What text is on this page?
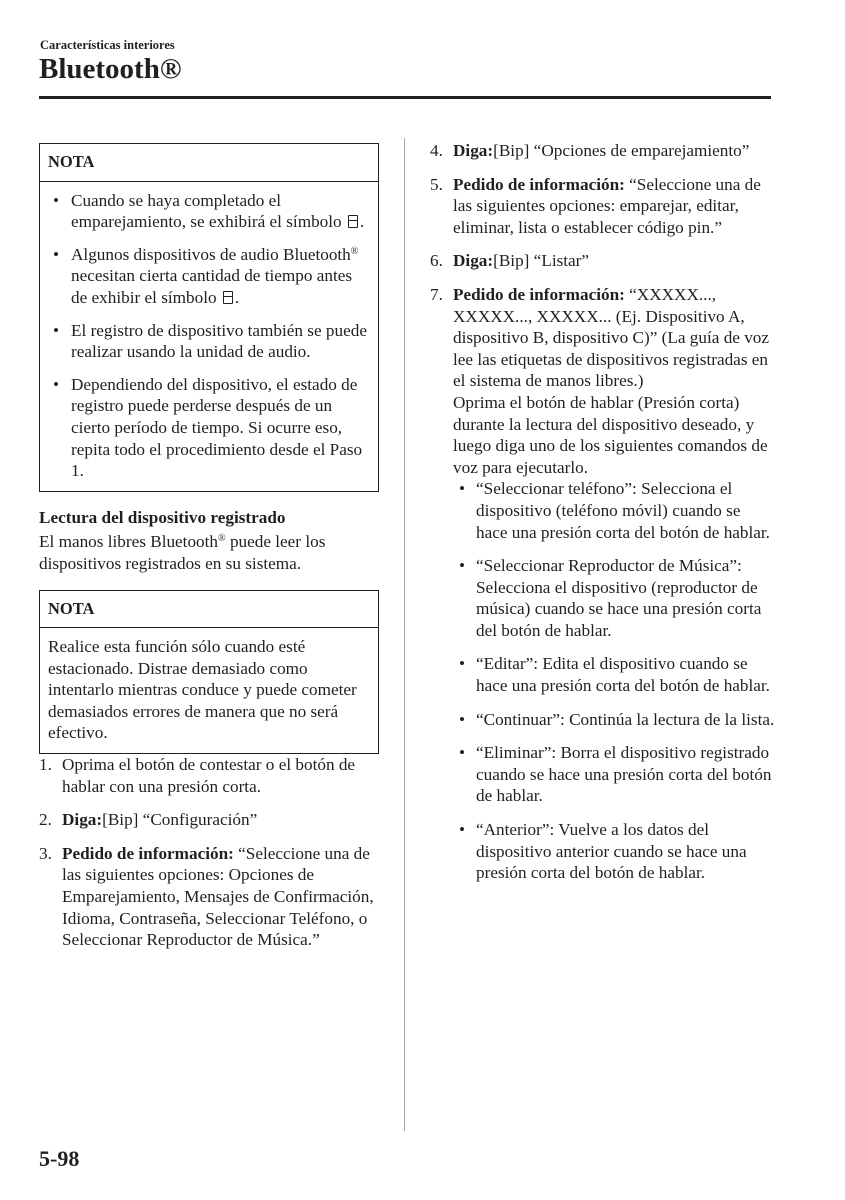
Características interiores
Bluetooth®
NOTA
• Cuando se haya completado el emparejamiento, se exhibirá el símbolo .
• Algunos dispositivos de audio Bluetooth® necesitan cierta cantidad de tiempo antes de exhibir el símbolo .
• El registro de dispositivo también se puede realizar usando la unidad de audio.
• Dependiendo del dispositivo, el estado de registro puede perderse después de un cierto período de tiempo. Si ocurre eso, repita todo el procedimiento desde el Paso 1.
Lectura del dispositivo registrado

El manos libres Bluetooth® puede leer los dispositivos registrados en su sistema.

NOTA
Realice esta función sólo cuando esté estacionado. Distrae demasiado como intentarlo mientras conduce y puede cometer demasiados errores de manera que no será efectivo.
1. Oprima el botón de contestar o el botón de hablar con una presión corta.
2. Diga:[Bip] “Configuración”
3. Pedido de información: “Seleccione una de las siguientes opciones: Opciones de Emparejamiento, Mensajes de Confirmación, Idioma, Contraseña, Seleccionar Teléfono, o Seleccionar Reproductor de Música.”
4. Diga:[Bip] “Opciones de emparejamiento”
5. Pedido de información: “Seleccione una de las siguientes opciones: emparejar, editar, eliminar, lista o establecer código pin.”
6. Diga:[Bip] “Listar”
7. Pedido de información: “XXXXX..., XXXXX..., XXXXX... (Ej. Dispositivo A, dispositivo B, dispositivo C)” (La guía de voz lee las etiquetas de dispositivos registradas en el sistema de manos libres.)
Oprima el botón de hablar (Presión corta) durante la lectura del dispositivo deseado, y luego diga uno de los siguientes comandos de voz para ejecutarlo.
• “Seleccionar teléfono”: Selecciona el dispositivo (teléfono móvil) cuando se hace una presión corta del botón de hablar.
• “Seleccionar Reproductor de Música”: Selecciona el dispositivo (reproductor de música) cuando se hace una presión corta del botón de hablar.
• “Editar”: Edita el dispositivo cuando se hace una presión corta del botón de hablar.
• “Continuar”: Continúa la lectura de la lista.
• “Eliminar”: Borra el dispositivo registrado cuando se hace una presión corta del botón de hablar.
• “Anterior”: Vuelve a los datos del dispositivo anterior cuando se hace una presión corta del botón de hablar.
5-98
